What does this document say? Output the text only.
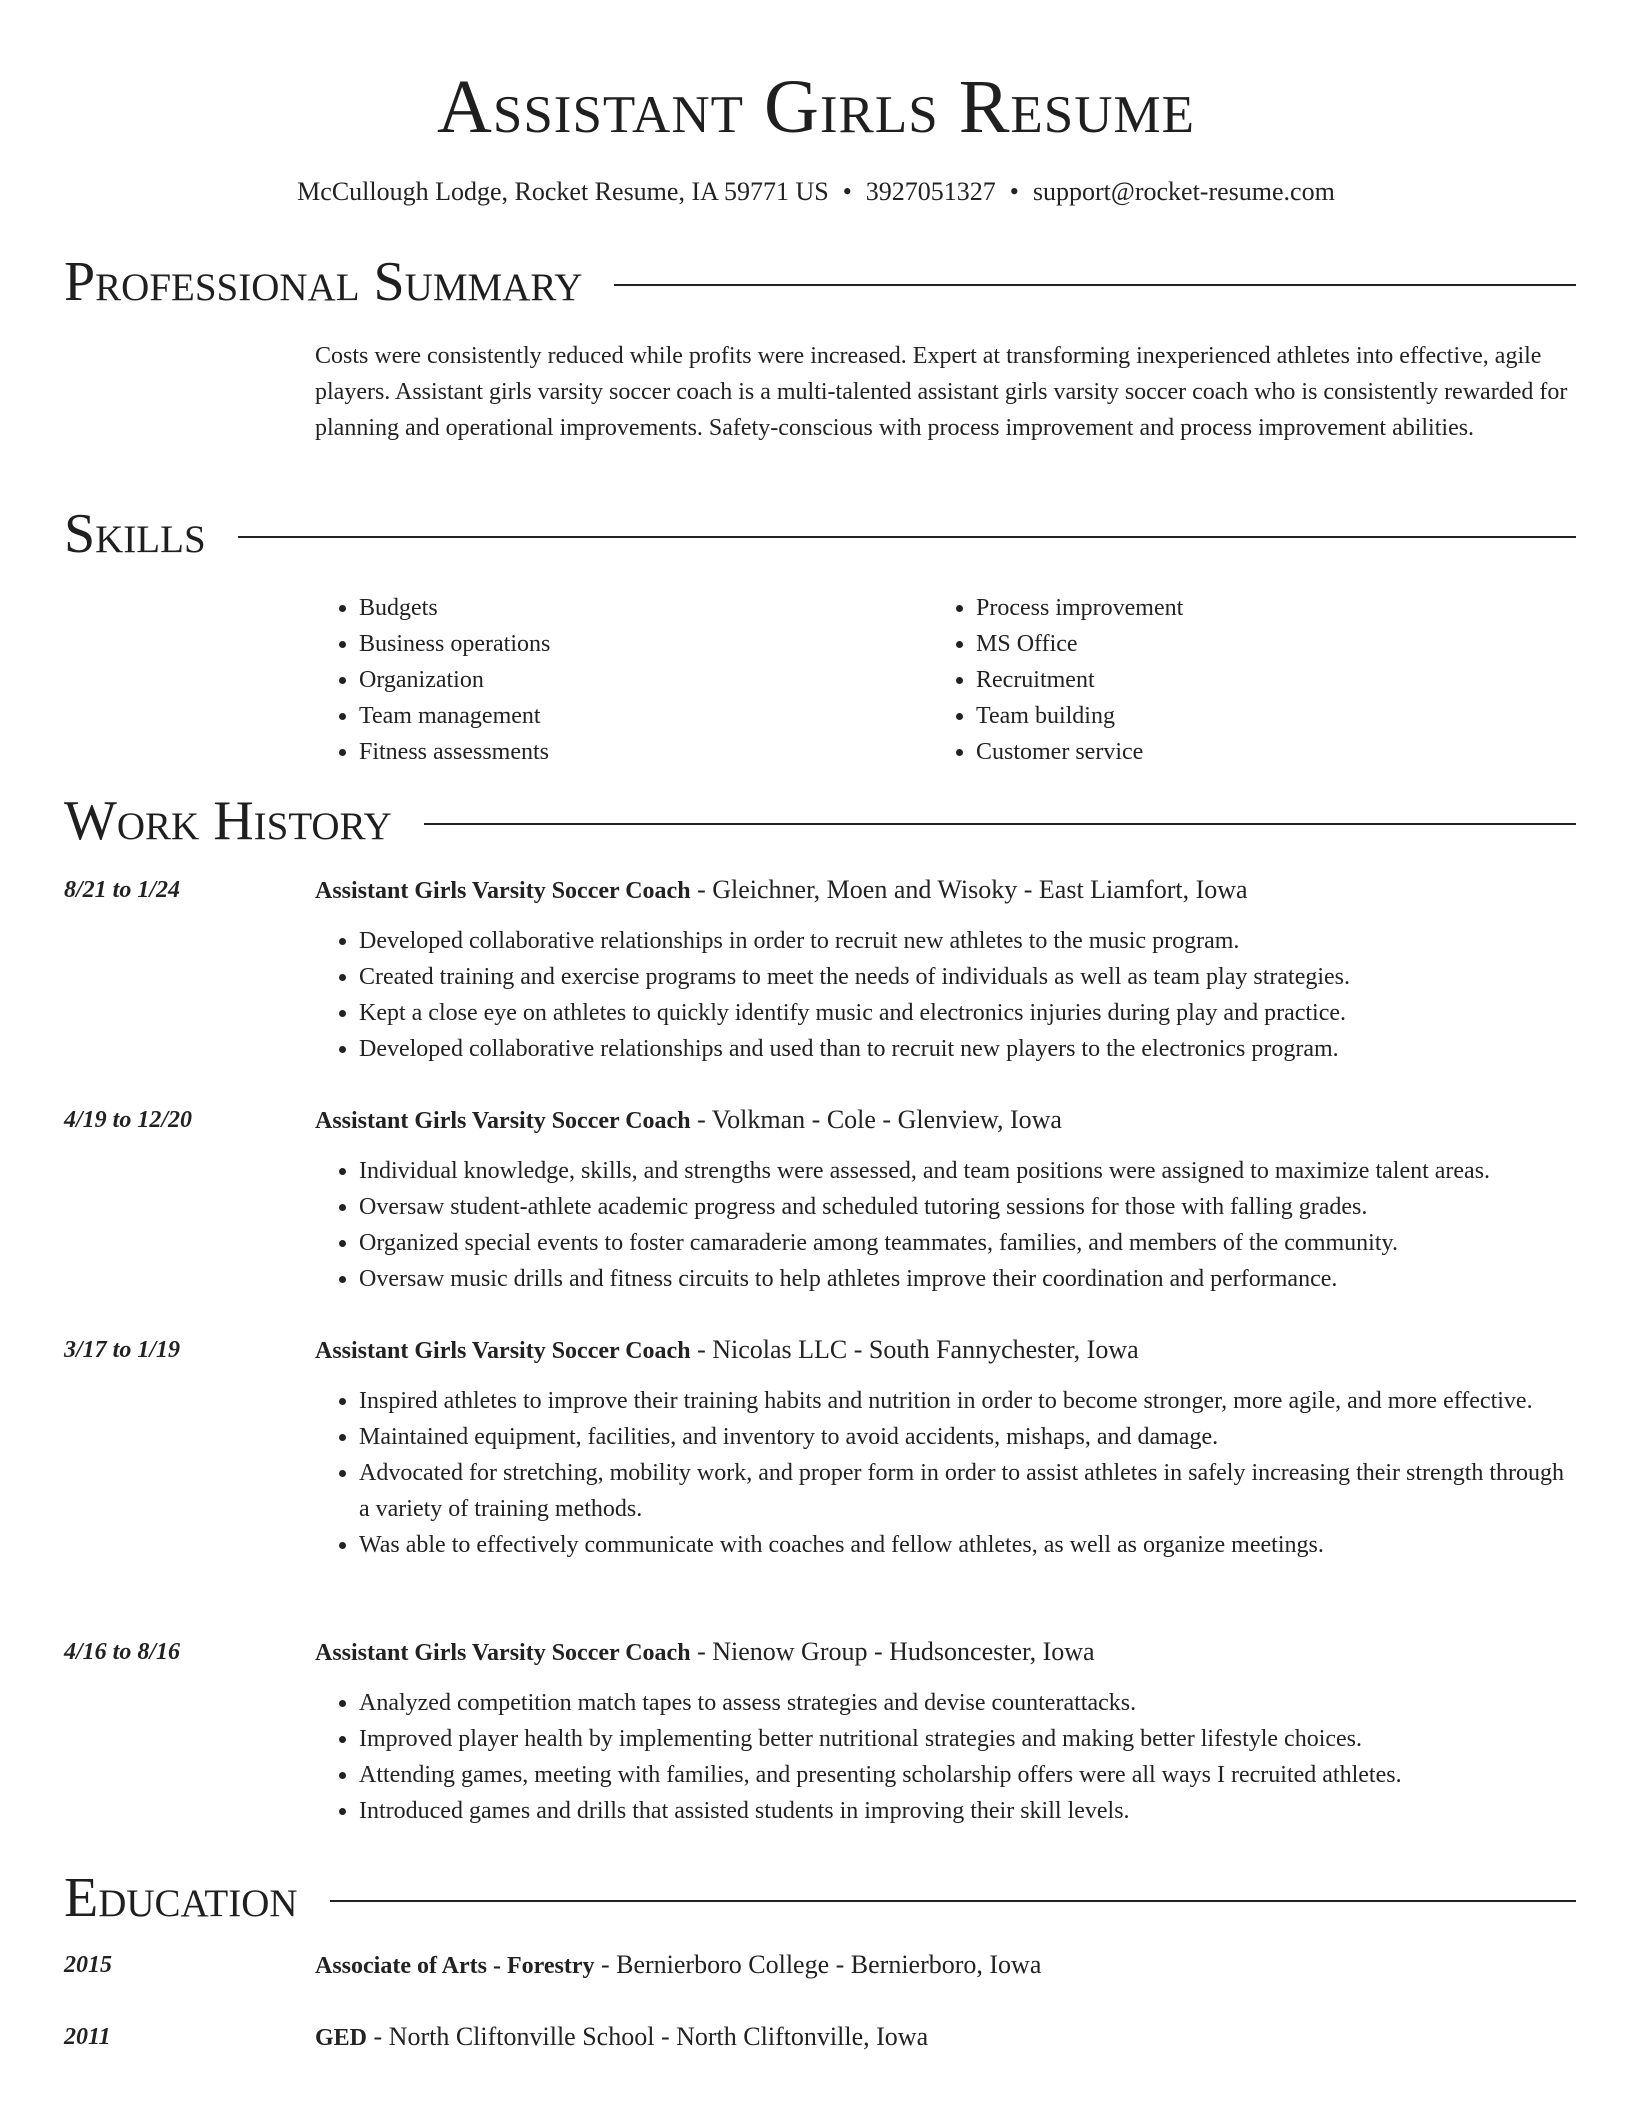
Assistant Girls Resume
McCullough Lodge, Rocket Resume, IA 59771 US • 3927051327 • support@rocket-resume.com
Professional Summary

Costs were consistently reduced while profits were increased. Expert at transforming inexperienced athletes into effective, agile players. Assistant girls varsity soccer coach is a multi-talented assistant girls varsity soccer coach who is consistently rewarded for planning and operational improvements. Safety-conscious with process improvement and process improvement abilities.

Skills
• Budgets
• Business operations
• Organization
• Team management
• Fitness assessments
• Process improvement
• MS Office
• Recruitment
• Team building
• Customer service
Work History
8/21 to 1/24	Assistant Girls Varsity Soccer Coach - Gleichner, Moen and Wisoky - East Liamfort, Iowa
• Developed collaborative relationships in order to recruit new athletes to the music program.
• Created training and exercise programs to meet the needs of individuals as well as team play strategies.
• Kept a close eye on athletes to quickly identify music and electronics injuries during play and practice.
• Developed collaborative relationships and used than to recruit new players to the electronics program.
4/19 to 12/20	Assistant Girls Varsity Soccer Coach - Volkman - Cole - Glenview, Iowa
• Individual knowledge, skills, and strengths were assessed, and team positions were assigned to maximize talent areas.
• Oversaw student-athlete academic progress and scheduled tutoring sessions for those with falling grades.
• Organized special events to foster camaraderie among teammates, families, and members of the community.
• Oversaw music drills and fitness circuits to help athletes improve their coordination and performance.
3/17 to 1/19	Assistant Girls Varsity Soccer Coach - Nicolas LLC - South Fannychester, Iowa
• Inspired athletes to improve their training habits and nutrition in order to become stronger, more agile, and more effective.
• Maintained equipment, facilities, and inventory to avoid accidents, mishaps, and damage.
• Advocated for stretching, mobility work, and proper form in order to assist athletes in safely increasing their strength through a variety of training methods.
• Was able to effectively communicate with coaches and fellow athletes, as well as organize meetings.
4/16 to 8/16	Assistant Girls Varsity Soccer Coach - Nienow Group - Hudsoncester, Iowa
• Analyzed competition match tapes to assess strategies and devise counterattacks.
• Improved player health by implementing better nutritional strategies and making better lifestyle choices.
• Attending games, meeting with families, and presenting scholarship offers were all ways I recruited athletes.
• Introduced games and drills that assisted students in improving their skill levels.
Education
2015	Associate of Arts - Forestry - Bernierboro College - Bernierboro, Iowa
2011	GED - North Cliftonville School - North Cliftonville, Iowa
